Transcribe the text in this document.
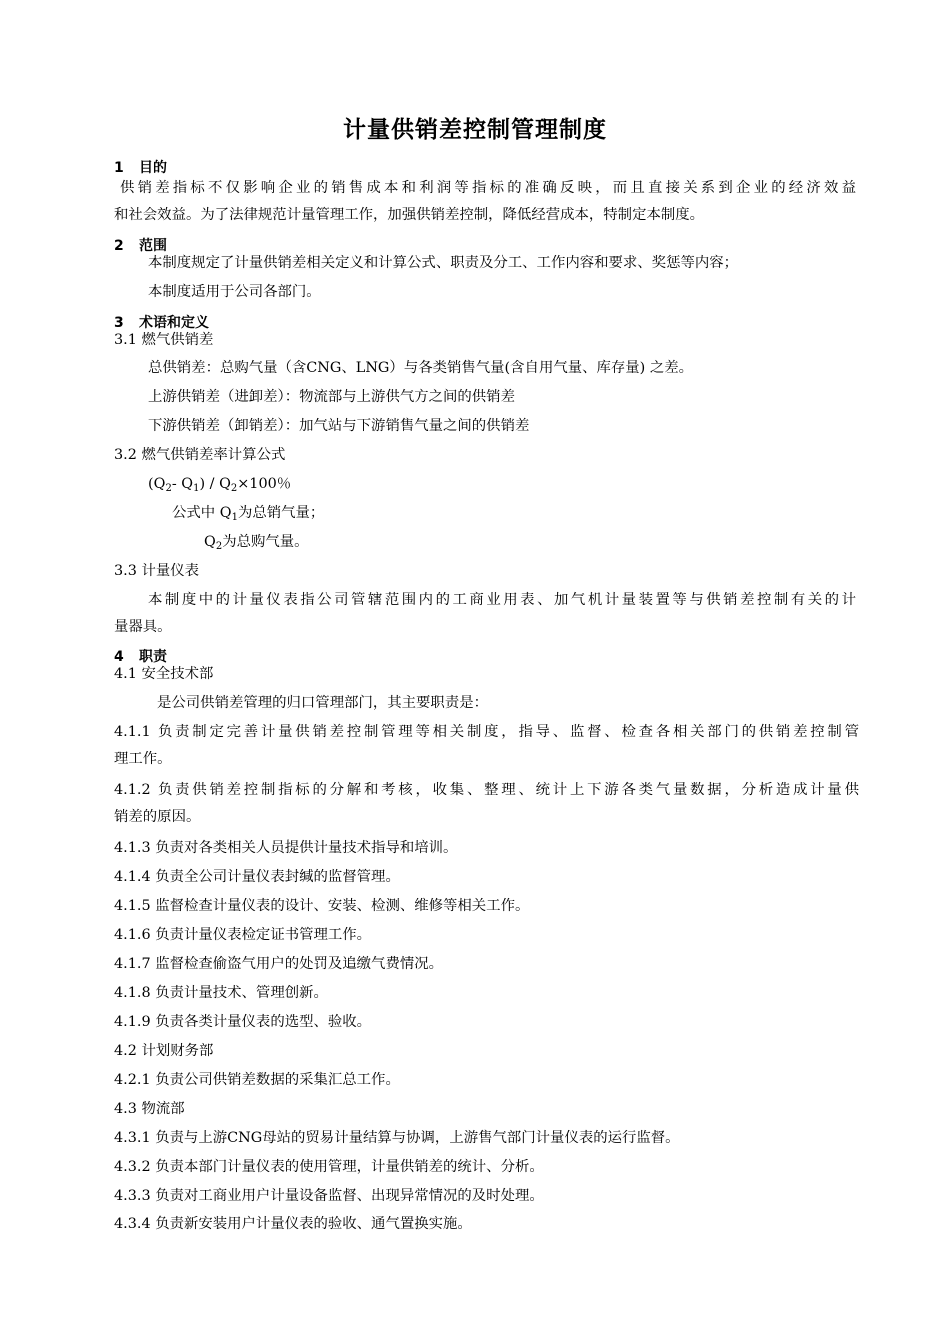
计量供销差控制管理制度
1 目的
供销差指标不仅影响企业的销售成本和利润等指标的准确反映，而且直接关系到企业的经济效益
和社会效益。为了法律规范计量管理工作，加强供销差控制，降低经营成本，特制定本制度。
2 范围
本制度规定了计量供销差相关定义和计算公式、职责及分工、工作内容和要求、奖惩等内容；
本制度适用于公司各部门。
3 术语和定义
3.1 燃气供销差
总供销差：总购气量（含CNG、LNG）与各类销售气量(含自用气量、库存量) 之差。
上游供销差（进卸差）：物流部与上游供气方之间的供销差
下游供销差（卸销差）：加气站与下游销售气量之间的供销差
3.2 燃气供销差率计算公式
($Q_2-$ $Q_1) / Q_2\times 100$％
公式中 $Q_1$为总销气量；
$Q_2$为总购气量。
3.3 计量仪表
本制度中的计量仪表指公司管辖范围内的工商业用表、加气机计量装置等与供销差控制有关的计
量器具。
4 职责
4.1 安全技术部
是公司供销差管理的归口管理部门，其主要职责是：
4.1.1 负责制定完善计量供销差控制管理等相关制度，指导、监督、检查各相关部门的供销差控制管
理工作。
4.1.2 负责供销差控制指标的分解和考核，收集、整理、统计上下游各类气量数据，分析造成计量供
销差的原因。
4.1.3 负责对各类相关人员提供计量技术指导和培训。
4.1.4 负责全公司计量仪表封缄的监督管理。
4.1.5 监督检查计量仪表的设计、安装、检测、维修等相关工作。
4.1.6 负责计量仪表检定证书管理工作。
4.1.7 监督检查偷盗气用户的处罚及追缴气费情况。
4.1.8 负责计量技术、管理创新。
4.1.9 负责各类计量仪表的选型、验收。
4.2 计划财务部
4.2.1 负责公司供销差数据的采集汇总工作。
4.3 物流部
4.3.1 负责与上游CNG母站的贸易计量结算与协调，上游售气部门计量仪表的运行监督。
4.3.2 负责本部门计量仪表的使用管理，计量供销差的统计、分析。
4.3.3 负责对工商业用户计量设备监督、出现异常情况的及时处理。
4.3.4 负责新安装用户计量仪表的验收、通气置换实施。
